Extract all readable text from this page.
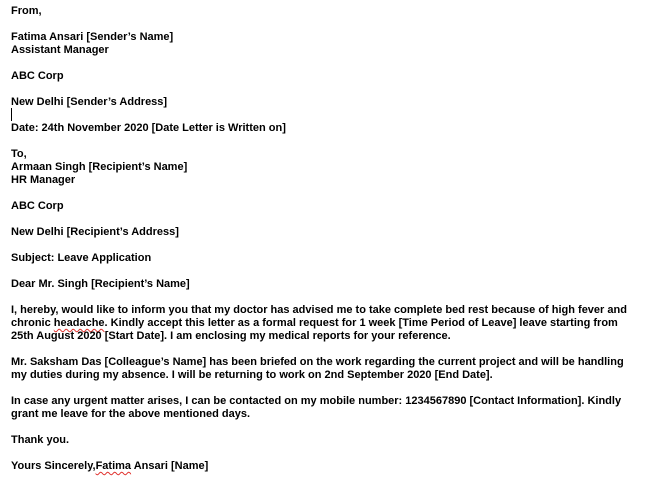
From,
Fatima Ansari [Sender’s Name]
Assistant Manager
ABC Corp
New Delhi [Sender’s Address]
Date: 24th November 2020 [Date Letter is Written on]
To,
Armaan Singh [Recipient’s Name]
HR Manager
ABC Corp
New Delhi [Recipient’s Address]
Subject: Leave Application
Dear Mr. Singh [Recipient’s Name]
I, hereby, would like to inform you that my doctor has advised me to take complete bed rest because of high fever and chronic headache. Kindly accept this letter as a formal request for 1 week [Time Period of Leave] leave starting from 25th August 2020 [Start Date]. I am enclosing my medical reports for your reference.
Mr. Saksham Das [Colleague’s Name] has been briefed on the work regarding the current project and will be handling my duties during my absence. I will be returning to work on 2nd September 2020 [End Date].
In case any urgent matter arises, I can be contacted on my mobile number: 1234567890 [Contact Information]. Kindly grant me leave for the above mentioned days.
Thank you.
Yours Sincerely,Fatima Ansari [Name]
